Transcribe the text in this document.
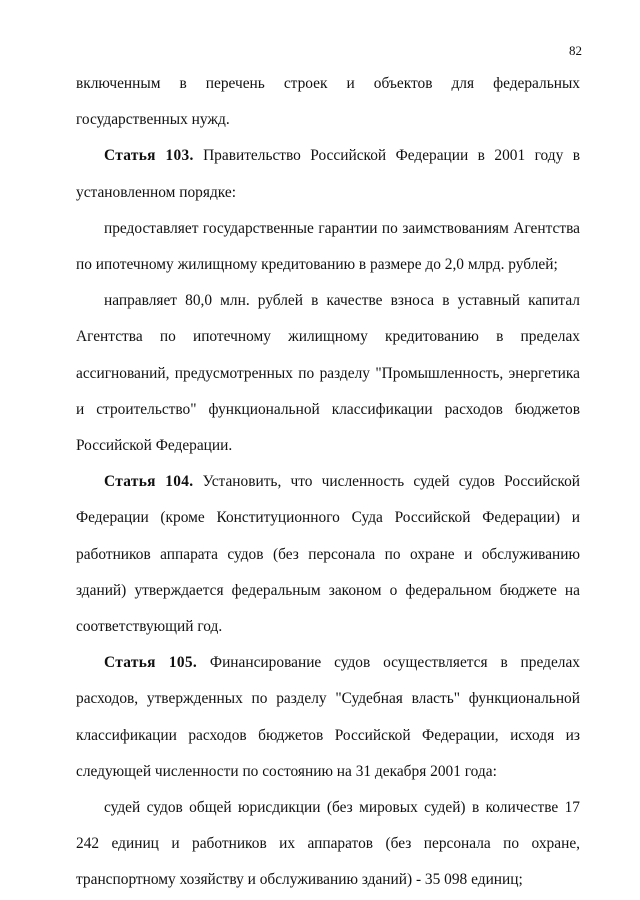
82

включенным в перечень строек и объектов для федеральных государственных нужд.

Статья 103. Правительство Российской Федерации в 2001 году в установленном порядке:

предоставляет государственные гарантии по заимствованиям Агентства по ипотечному жилищному кредитованию в размере до 2,0 млрд. рублей;

направляет 80,0 млн. рублей в качестве взноса в уставный капитал Агентства по ипотечному жилищному кредитованию в пределах ассигнований, предусмотренных по разделу "Промышленность, энергетика и строительство" функциональной классификации расходов бюджетов Российской Федерации.

Статья 104. Установить, что численность судей судов Российской Федерации (кроме Конституционного Суда Российской Федерации) и работников аппарата судов (без персонала по охране и обслуживанию зданий) утверждается федеральным законом о федеральном бюджете на соответствующий год.

Статья 105. Финансирование судов осуществляется в пределах расходов, утвержденных по разделу "Судебная власть" функциональной классификации расходов бюджетов Российской Федерации, исходя из следующей численности по состоянию на 31 декабря 2001 года:

судей судов общей юрисдикции (без мировых судей) в количестве 17 242 единиц и работников их аппаратов (без персонала по охране, транспортному хозяйству и обслуживанию зданий) - 35 098 единиц;
